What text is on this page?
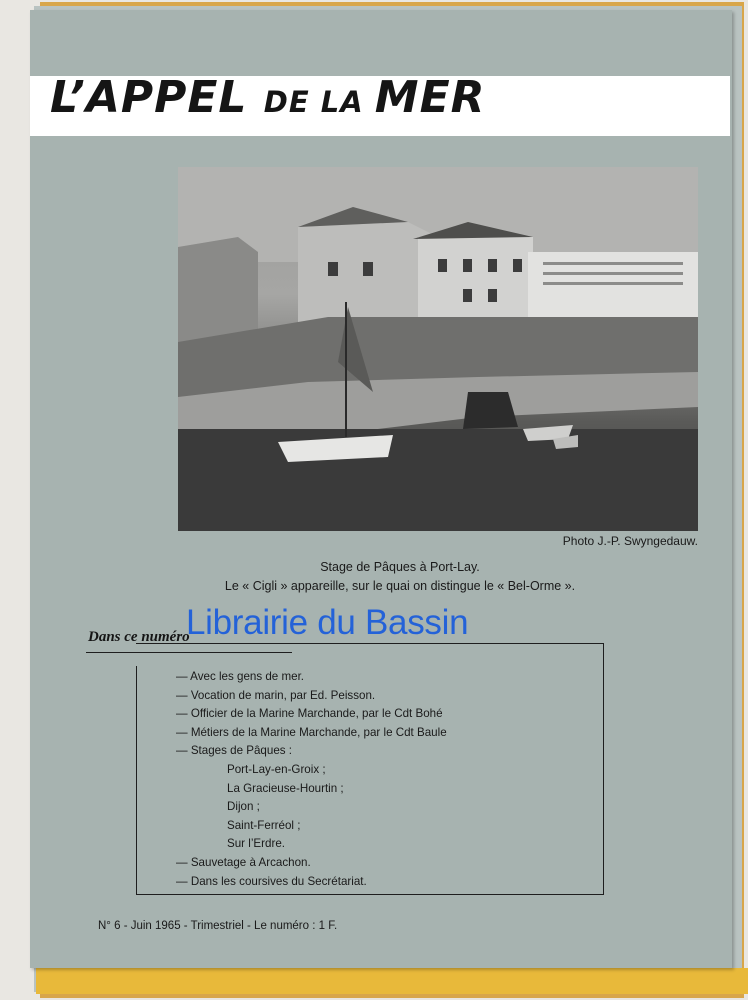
L’APPEL DE LA MER
Photo J.-P. Swyngedauw.
Stage de Pâques à Port-Lay.
Le « Cigli » appareille, sur le quai on distingue le « Bel-Orme ».
Dans ce numéro
Librairie du Bassin
— Avec les gens de mer.
— Vocation de marin, par Ed. Peisson.
— Officier de la Marine Marchande, par le Cdt Bohé
— Métiers de la Marine Marchande, par le Cdt Baule
— Stages de Pâques :
Port-Lay-en-Groix ;
La Gracieuse-Hourtin ;
Dijon ;
Saint-Ferréol ;
Sur l’Erdre.
— Sauvetage à Arcachon.
— Dans les coursives du Secrétariat.
N° 6 - Juin 1965 - Trimestriel - Le numéro : 1 F.
